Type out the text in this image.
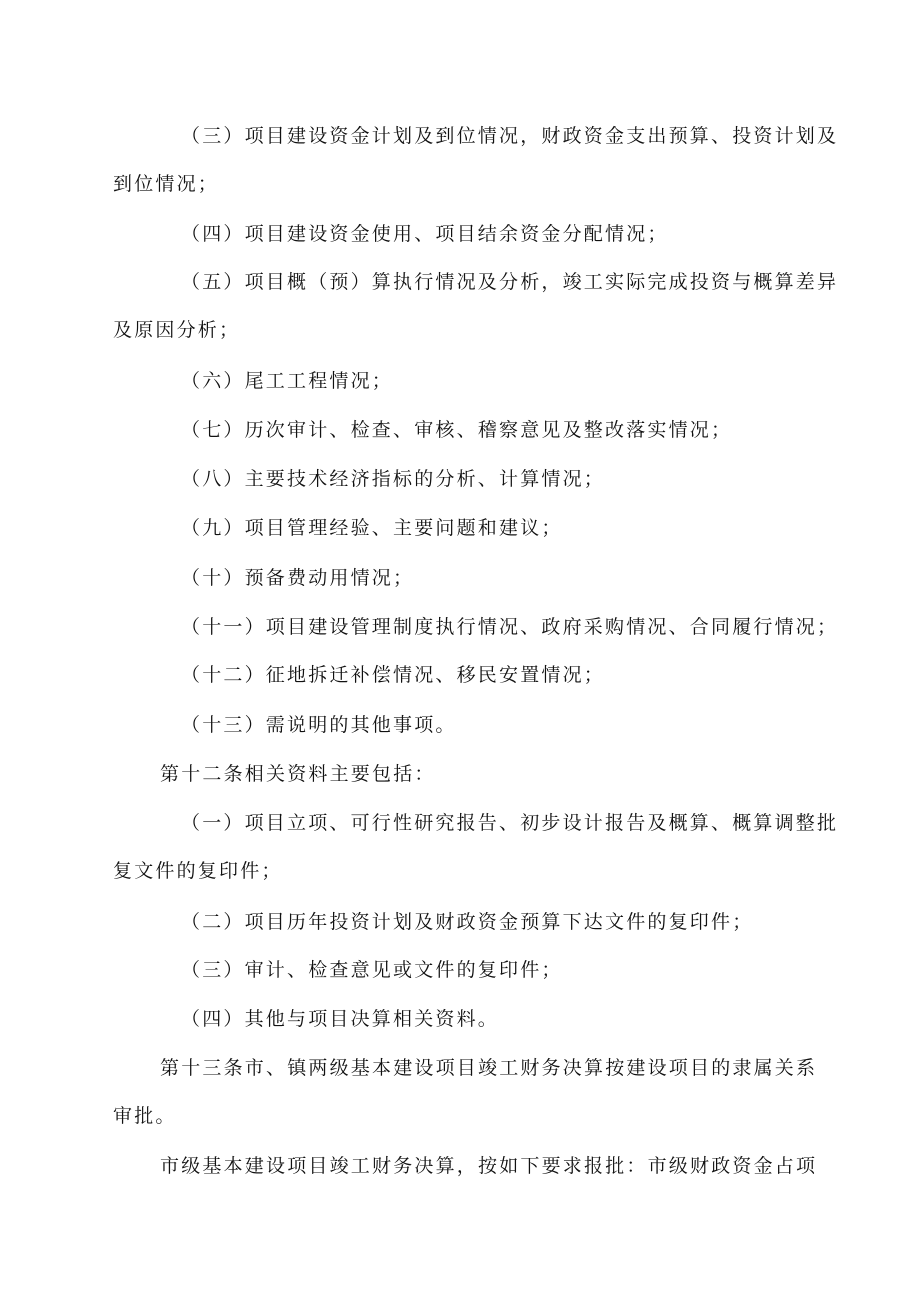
（三）项目建设资金计划及到位情况，财政资金支出预算、投资计划及
到位情况；
（四）项目建设资金使用、项目结余资金分配情况；
（五）项目概（预）算执行情况及分析，竣工实际完成投资与概算差异
及原因分析；
（六）尾工工程情况；
（七）历次审计、检查、审核、稽察意见及整改落实情况；
（八）主要技术经济指标的分析、计算情况；
（九）项目管理经验、主要问题和建议；
（十）预备费动用情况；
（十一）项目建设管理制度执行情况、政府采购情况、合同履行情况；
（十二）征地拆迁补偿情况、移民安置情况；
（十三）需说明的其他事项。
第十二条相关资料主要包括：
（一）项目立项、可行性研究报告、初步设计报告及概算、概算调整批
复文件的复印件；
（二）项目历年投资计划及财政资金预算下达文件的复印件；
（三）审计、检查意见或文件的复印件；
（四）其他与项目决算相关资料。
第十三条市、镇两级基本建设项目竣工财务决算按建设项目的隶属关系
审批。
市级基本建设项目竣工财务决算，按如下要求报批：市级财政资金占项
